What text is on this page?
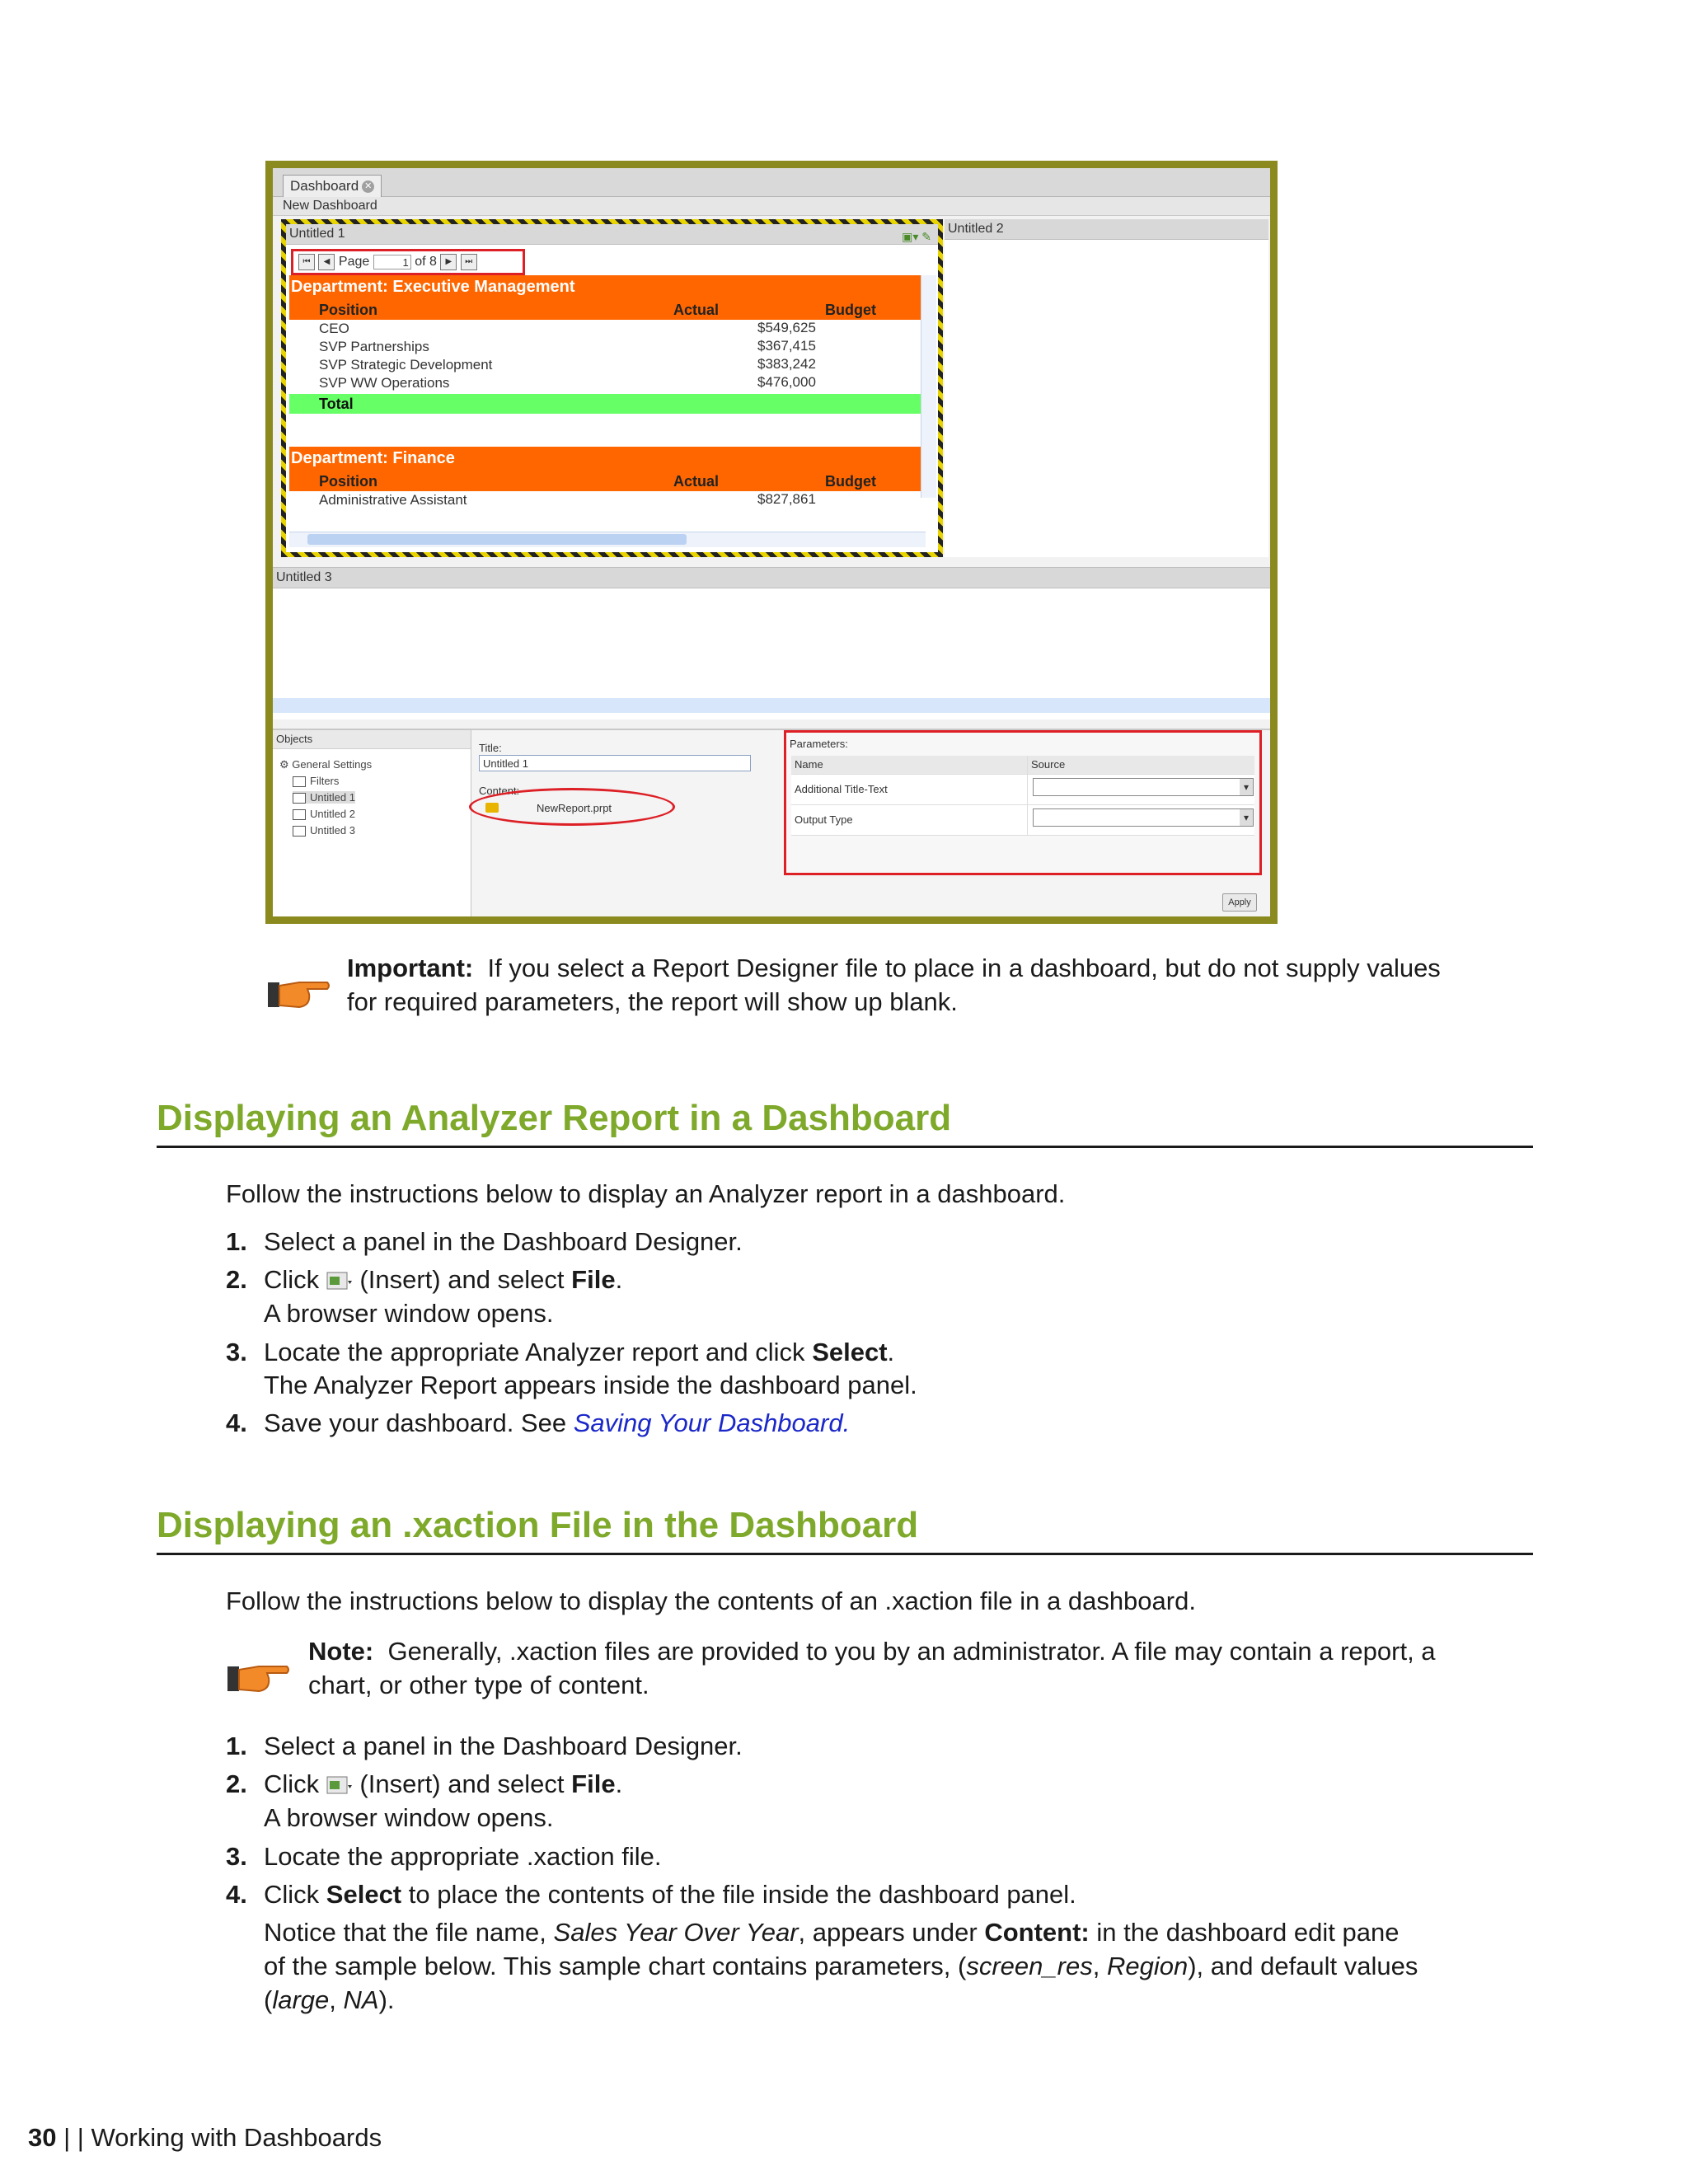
Dashboard ✕
New Dashboard
Untitled 1	▣▾ ✎
⏮ ◀ Page	1 of 8 ▶ ⏭
Department: Executive Management
Position	Actual	Budget
CEO	$549,625
SVP Partnerships	$367,415
SVP Strategic Development	$383,242
SVP WW Operations	$476,000
Total
Department: Finance
Position	Actual	Budget
Administrative Assistant	$827,861
Untitled 2
Untitled 3
Objects
⚙ General Settings
Filters
Untitled 1
Untitled 2
Untitled 3
Title:
Untitled 1
Content:
NewReport.prpt
Parameters:
Name	Source
Additional Title-Text
▾
Output Type
▾
Apply
Important: If you select a Report Designer file to place in a dashboard, but do not supply values
for required parameters, the report will show up blank.
Displaying an Analyzer Report in a Dashboard
Follow the instructions below to display an Analyzer report in a dashboard.
1. Select a panel in the Dashboard Designer.
2. Click (Insert) and select File.
A browser window opens.
3. Locate the appropriate Analyzer report and click Select.
The Analyzer Report appears inside the dashboard panel.
4. Save your dashboard. See Saving Your Dashboard.
Displaying an .xaction File in the Dashboard
Follow the instructions below to display the contents of an .xaction file in a dashboard.
Note: Generally, .xaction files are provided to you by an administrator. A file may contain a report, a
chart, or other type of content.
1. Select a panel in the Dashboard Designer.
2. Click (Insert) and select File.
A browser window opens.
3. Locate the appropriate .xaction file.
4. Click Select to place the contents of the file inside the dashboard panel.
Notice that the file name, Sales Year Over Year, appears under Content: in the dashboard edit pane
of the sample below. This sample chart contains parameters, (screen_res, Region), and default values
(large, NA).
30 | | Working with Dashboards
